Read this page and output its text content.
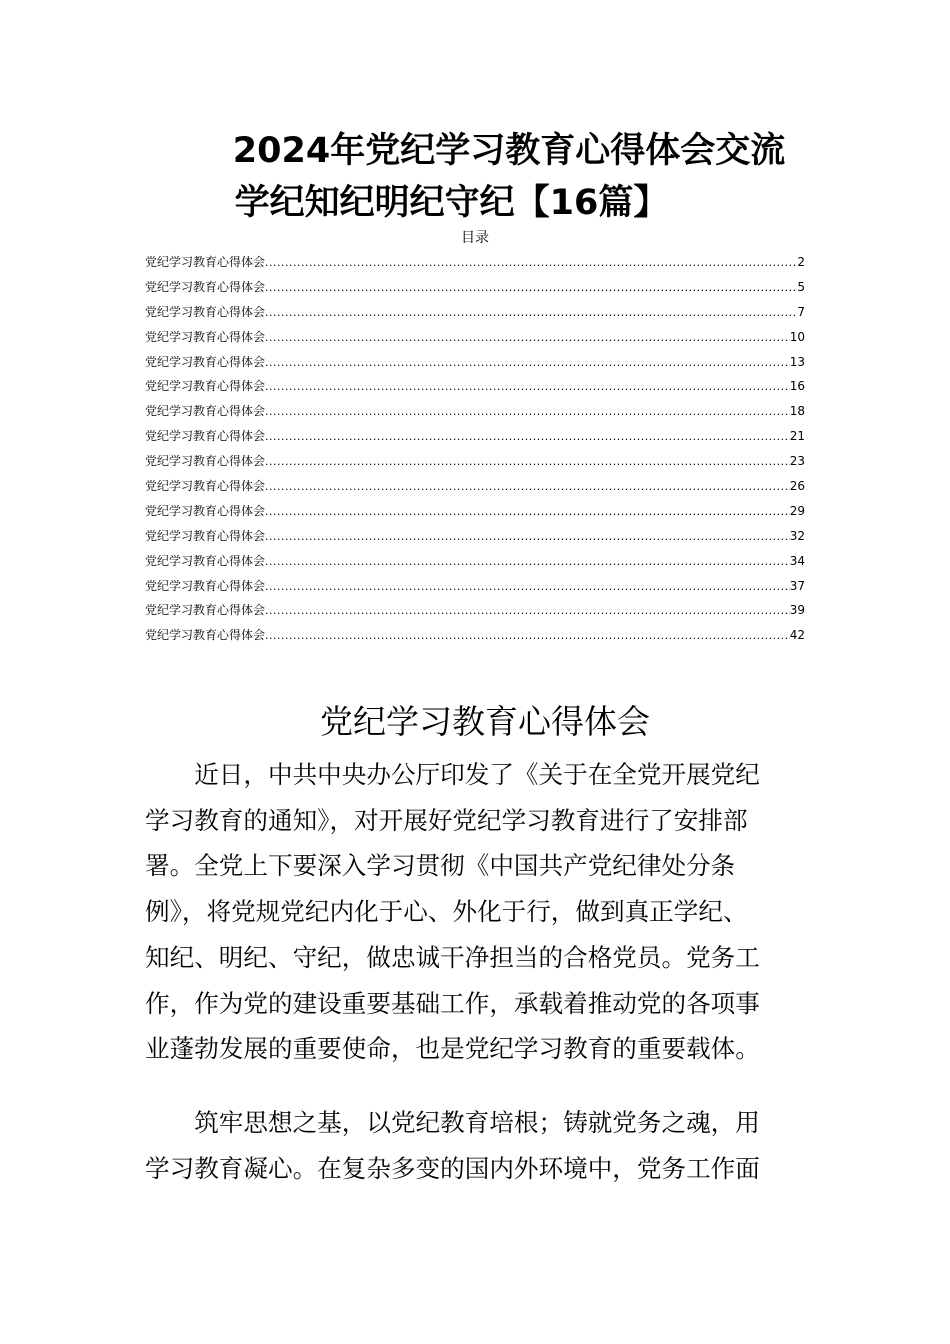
2024年党纪学习教育心得体会交流
学纪知纪明纪守纪【16篇】
目录
党纪学习教育心得体会 .....	2
党纪学习教育心得体会 .....	5
党纪学习教育心得体会 .....	7
党纪学习教育心得体会 .....	10
党纪学习教育心得体会 .....	13
党纪学习教育心得体会 .....	16
党纪学习教育心得体会 .....	18
党纪学习教育心得体会 .....	21
党纪学习教育心得体会 .....	23
党纪学习教育心得体会 .....	26
党纪学习教育心得体会 .....	29
党纪学习教育心得体会 .....	32
党纪学习教育心得体会 .....	34
党纪学习教育心得体会 .....	37
党纪学习教育心得体会 .....	39
党纪学习教育心得体会 .....	42
党纪学习教育心得体会
　　近日，中共中央办公厅印发了《关于在全党开展党纪
学习教育的通知》，对开展好党纪学习教育进行了安排部
署。全党上下要深入学习贯彻《中国共产党纪律处分条
例》，将党规党纪内化于心、外化于行，做到真正学纪、
知纪、明纪、守纪，做忠诚干净担当的合格党员。党务工
作，作为党的建设重要基础工作，承载着推动党的各项事
业蓬勃发展的重要使命，也是党纪学习教育的重要载体。
　　筑牢思想之基，以党纪教育培根；铸就党务之魂，用
学习教育凝心。在复杂多变的国内外环境中，党务工作面
